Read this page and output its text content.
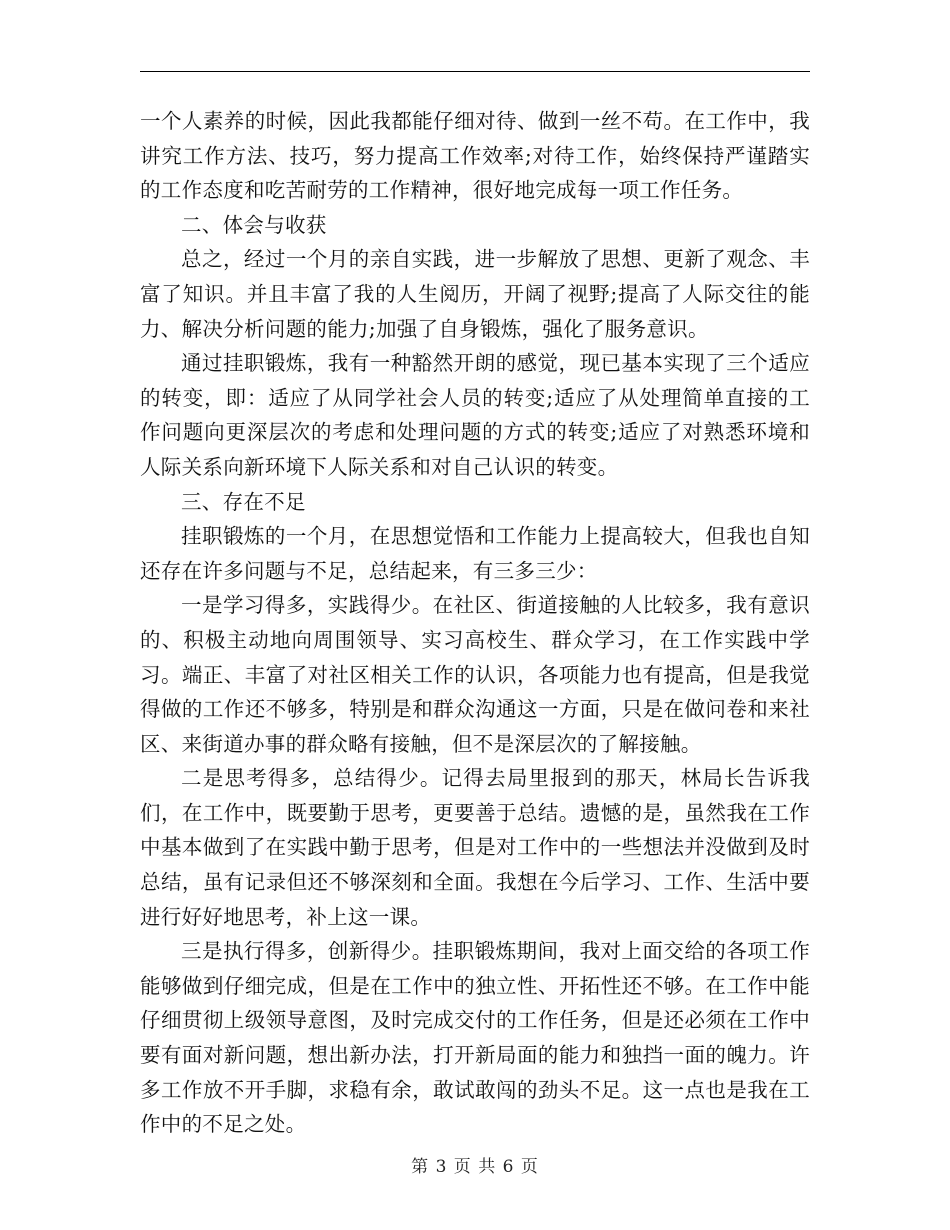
一个人素养的时候，因此我都能仔细对待、做到一丝不苟。在工作中，我讲究工作方法、技巧，努力提高工作效率;对待工作，始终保持严谨踏实的工作态度和吃苦耐劳的工作精神，很好地完成每一项工作任务。

二、体会与收获

总之，经过一个月的亲自实践，进一步解放了思想、更新了观念、丰富了知识。并且丰富了我的人生阅历，开阔了视野;提高了人际交往的能力、解决分析问题的能力;加强了自身锻炼，强化了服务意识。

通过挂职锻炼，我有一种豁然开朗的感觉，现已基本实现了三个适应的转变，即：适应了从同学社会人员的转变;适应了从处理简单直接的工作问题向更深层次的考虑和处理问题的方式的转变;适应了对熟悉环境和人际关系向新环境下人际关系和对自己认识的转变。

三、存在不足

挂职锻炼的一个月，在思想觉悟和工作能力上提高较大，但我也自知还存在许多问题与不足，总结起来，有三多三少：

一是学习得多，实践得少。在社区、街道接触的人比较多，我有意识的、积极主动地向周围领导、实习高校生、群众学习，在工作实践中学习。端正、丰富了对社区相关工作的认识，各项能力也有提高，但是我觉得做的工作还不够多，特别是和群众沟通这一方面，只是在做问卷和来社区、来街道办事的群众略有接触，但不是深层次的了解接触。

二是思考得多，总结得少。记得去局里报到的那天，林局长告诉我们，在工作中，既要勤于思考，更要善于总结。遗憾的是，虽然我在工作中基本做到了在实践中勤于思考，但是对工作中的一些想法并没做到及时总结，虽有记录但还不够深刻和全面。我想在今后学习、工作、生活中要进行好好地思考，补上这一课。

三是执行得多，创新得少。挂职锻炼期间，我对上面交给的各项工作能够做到仔细完成，但是在工作中的独立性、开拓性还不够。在工作中能仔细贯彻上级领导意图，及时完成交付的工作任务，但是还必须在工作中要有面对新问题，想出新办法，打开新局面的能力和独挡一面的魄力。许多工作放不开手脚，求稳有余，敢试敢闯的劲头不足。这一点也是我在工作中的不足之处。

第 3 页 共 6 页
